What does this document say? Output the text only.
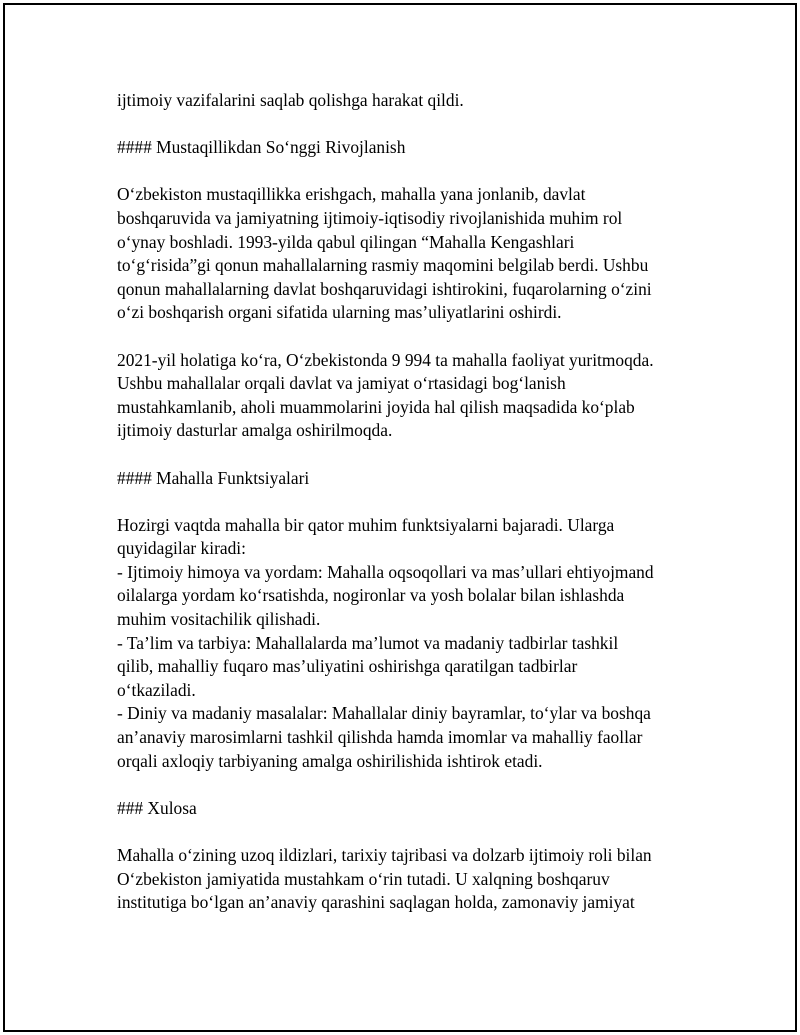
ijtimoiy vazifalarini saqlab qolishga harakat qildi.
#### Mustaqillikdan So‘nggi Rivojlanish
O‘zbekiston mustaqillikka erishgach, mahalla yana jonlanib, davlat
boshqaruvida va jamiyatning ijtimoiy-iqtisodiy rivojlanishida muhim rol
o‘ynay boshladi. 1993-yilda qabul qilingan “Mahalla Kengashlari
to‘g‘risida”gi qonun mahallalarning rasmiy maqomini belgilab berdi. Ushbu
qonun mahallalarning davlat boshqaruvidagi ishtirokini, fuqarolarning o‘zini
o‘zi boshqarish organi sifatida ularning mas’uliyatlarini oshirdi.
2021-yil holatiga ko‘ra, O‘zbekistonda 9 994 ta mahalla faoliyat yuritmoqda.
Ushbu mahallalar orqali davlat va jamiyat o‘rtasidagi bog‘lanish
mustahkamlanib, aholi muammolarini joyida hal qilish maqsadida ko‘plab
ijtimoiy dasturlar amalga oshirilmoqda.
#### Mahalla Funktsiyalari
Hozirgi vaqtda mahalla bir qator muhim funktsiyalarni bajaradi. Ularga
quyidagilar kiradi:
- Ijtimoiy himoya va yordam: Mahalla oqsoqollari va mas’ullari ehtiyojmand
oilalarga yordam ko‘rsatishda, nogironlar va yosh bolalar bilan ishlashda
muhim vositachilik qilishadi.
- Ta’lim va tarbiya: Mahallalarda ma’lumot va madaniy tadbirlar tashkil
qilib, mahalliy fuqaro mas’uliyatini oshirishga qaratilgan tadbirlar
o‘tkaziladi.
- Diniy va madaniy masalalar: Mahallalar diniy bayramlar, to‘ylar va boshqa
an’anaviy marosimlarni tashkil qilishda hamda imomlar va mahalliy faollar
orqali axloqiy tarbiyaning amalga oshirilishida ishtirok etadi.
### Xulosa
Mahalla o‘zining uzoq ildizlari, tarixiy tajribasi va dolzarb ijtimoiy roli bilan
O‘zbekiston jamiyatida mustahkam o‘rin tutadi. U xalqning boshqaruv
institutiga bo‘lgan an’anaviy qarashini saqlagan holda, zamonaviy jamiyat
